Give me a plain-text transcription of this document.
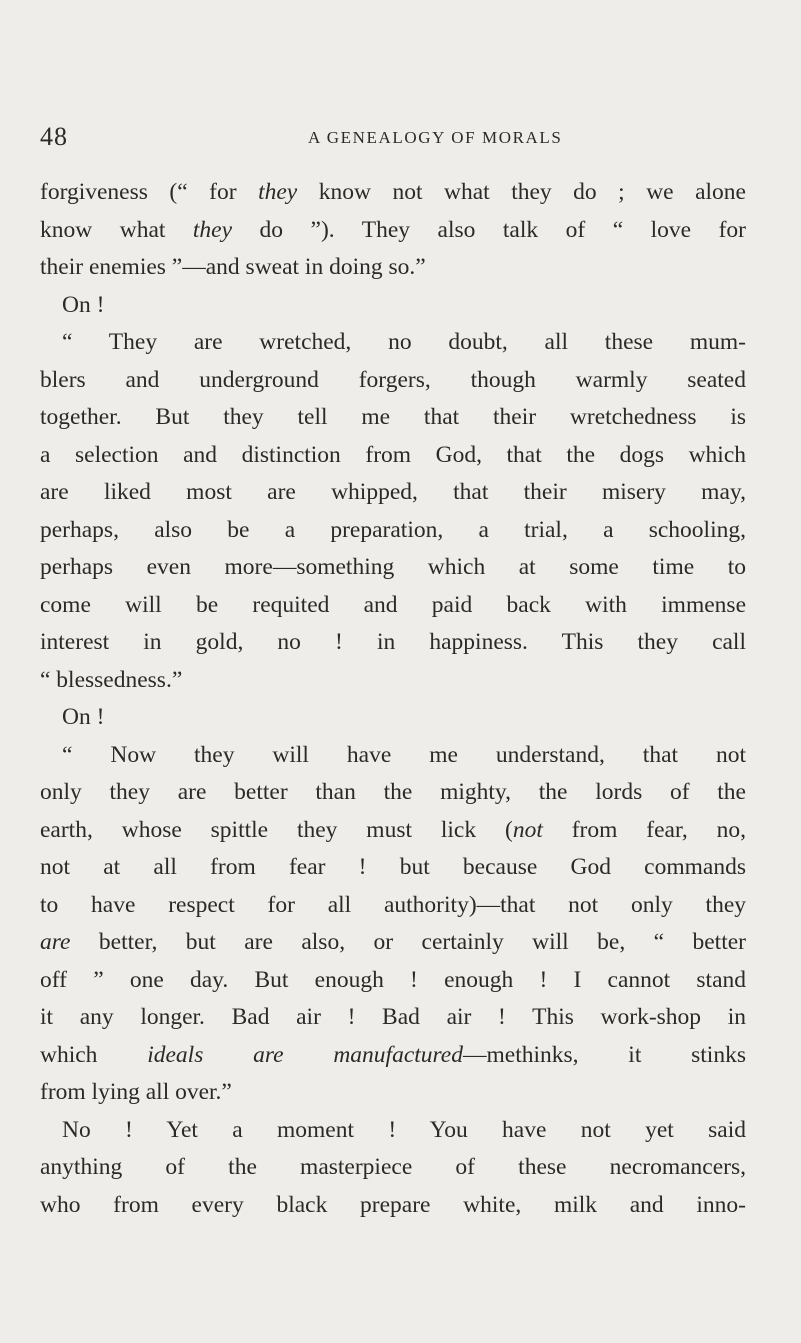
48	A GENEALOGY OF MORALS
forgiveness (“ for they know not what they do ; we alone
know what they do ”). They also talk of “ love for
their enemies ”—and sweat in doing so.”
On !
“ They are wretched, no doubt, all these mum-
blers and underground forgers, though warmly seated
together. But they tell me that their wretchedness is
a selection and distinction from God, that the dogs which
are liked most are whipped, that their misery may,
perhaps, also be a preparation, a trial, a schooling,
perhaps even more—something which at some time to
come will be requited and paid back with immense
interest in gold, no ! in happiness. This they call
“ blessedness.”
On !
“ Now they will have me understand, that not
only they are better than the mighty, the lords of the
earth, whose spittle they must lick (not from fear, no,
not at all from fear ! but because God commands
to have respect for all authority)—that not only they
are better, but are also, or certainly will be, “ better
off ” one day. But enough ! enough ! I cannot stand
it any longer. Bad air ! Bad air ! This work-shop in
which ideals are manufactured—methinks, it stinks
from lying all over.”
No ! Yet a moment ! You have not yet said
anything of the masterpiece of these necromancers,
who from every black prepare white, milk and inno-
